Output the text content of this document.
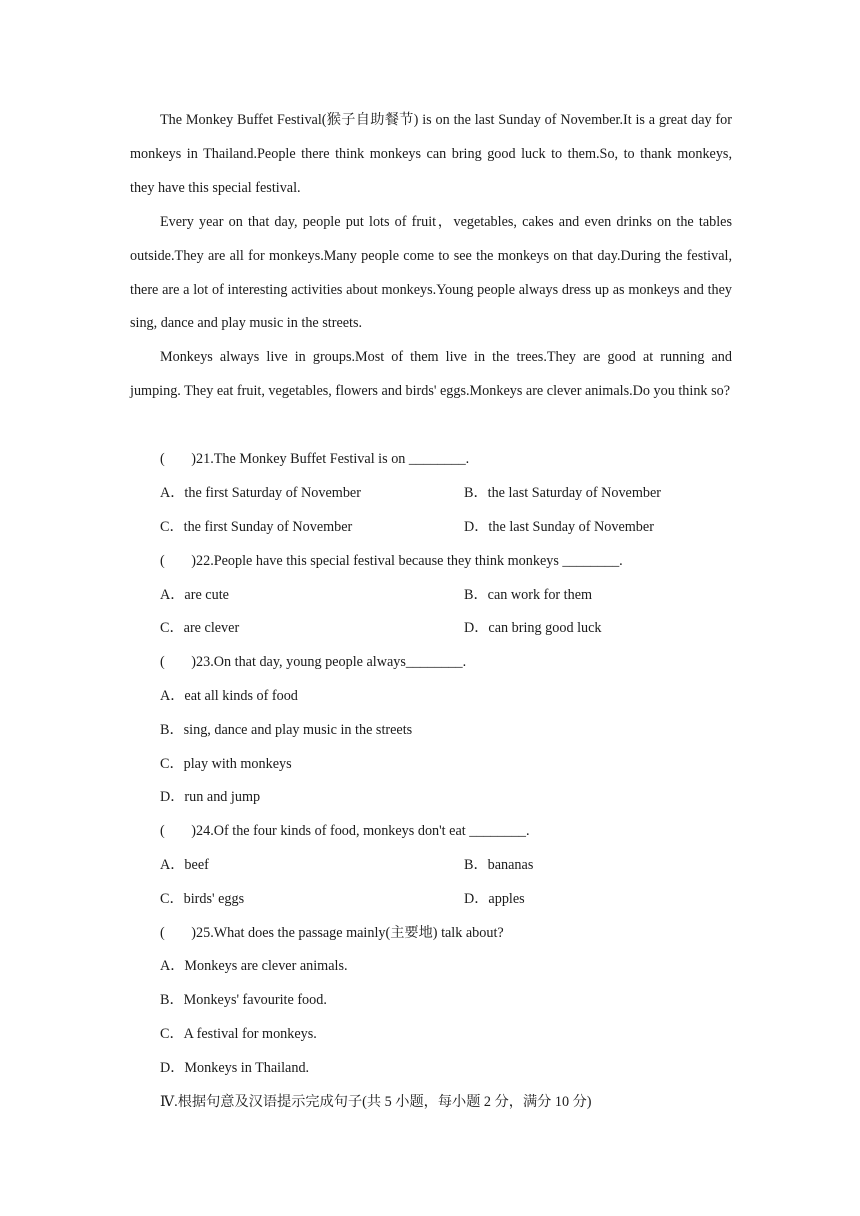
The Monkey Buffet Festival(猴子自助餐节) is on the last Sunday of November.It is a great day for monkeys in Thailand.People there think monkeys can bring good luck to them.So, to thank monkeys, they have this special festival.

Every year on that day, people put lots of fruit，vegetables, cakes and even drinks on the tables outside.They are all for monkeys.Many people come to see the monkeys on that day.During the festival, there are a lot of interesting activities about monkeys.Young people always dress up as monkeys and they sing, dance and play music in the streets.

Monkeys always live in groups.Most of them live in the trees.They are good at running and jumping. They eat fruit, vegetables, flowers and birds' eggs.Monkeys are clever animals.Do you think so?

( ) 21.The Monkey Buffet Festival is on ________.
A．the first Saturday of November	B．the last Saturday of November
C．the first Sunday of November	D．the last Sunday of November
( ) 22.People have this special festival because they think monkeys ________.
A．are cute	B．can work for them
C．are clever	D．can bring good luck
( ) 23.On that day, young people always________.
A．eat all kinds of food
B．sing, dance and play music in the streets
C．play with monkeys
D．run and jump
( ) 24.Of the four kinds of food, monkeys don't eat ________.
A．beef	B．bananas
C．birds' eggs	D．apples
( ) 25.What does the passage mainly(主要地) talk about?
A．Monkeys are clever animals.
B．Monkeys' favourite food.
C．A festival for monkeys.
D．Monkeys in Thailand.
Ⅳ.根据句意及汉语提示完成句子(共 5 小题，每小题 2 分，满分 10 分)
